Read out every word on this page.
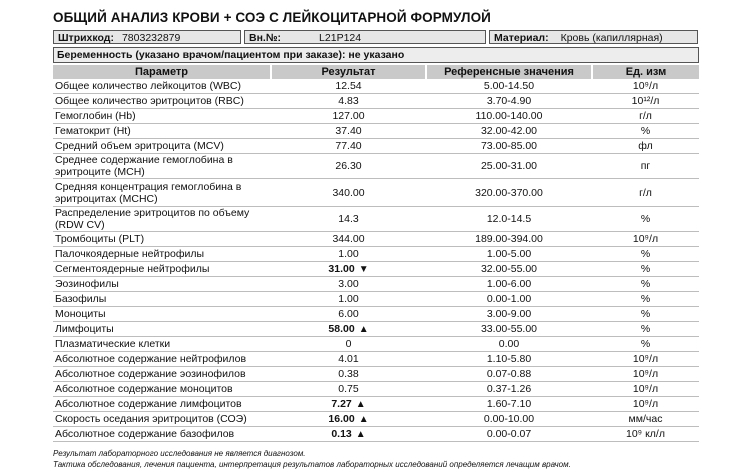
ОБЩИЙ АНАЛИЗ КРОВИ + СОЭ С ЛЕЙКОЦИТАРНОЙ ФОРМУЛОЙ
Штрихкод: 7803232879	Вн.№:	L21P124	Материал:	Кровь (капиллярная)
Беременность (указано врачом/пациентом при заказе): не указано
Параметр	Результат	Референсные значения	Ед. изм
Общее количество лейкоцитов (WBC)	12.54	5.00-14.50	10⁹/л
Общее количество эритроцитов (RBC)	4.83	3.70-4.90	10¹²/л
Гемоглобин (Hb)	127.00	110.00-140.00	г/л
Гематокрит (Ht)	37.40	32.00-42.00	%
Средний объем эритроцита (MCV)	77.40	73.00-85.00	фл
Среднее содержание гемоглобина в эритроците (MCH)	26.30	25.00-31.00	пг
Средняя концентрация гемоглобина в эритроцитах (MCHC)	340.00	320.00-370.00	г/л
Распределение эритроцитов по объему (RDW CV)	14.3	12.0-14.5	%
Тромбоциты (PLT)	344.00	189.00-394.00	10⁹/л
Палочкоядерные нейтрофилы	1.00	1.00-5.00	%
Сегментоядерные нейтрофилы	31.00 ▼	32.00-55.00	%
Эозинофилы	3.00	1.00-6.00	%
Базофилы	1.00	0.00-1.00	%
Моноциты	6.00	3.00-9.00	%
Лимфоциты	58.00 ▲	33.00-55.00	%
Плазматические клетки	0	0.00	%
Абсолютное содержание нейтрофилов	4.01	1.10-5.80	10⁹/л
Абсолютное содержание эозинофилов	0.38	0.07-0.88	10⁹/л
Абсолютное содержание моноцитов	0.75	0.37-1.26	10⁹/л
Абсолютное содержание лимфоцитов	7.27 ▲	1.60-7.10	10⁹/л
Скорость оседания эритроцитов (СОЭ)	16.00 ▲	0.00-10.00	мм/час
Абсолютное содержание базофилов	0.13 ▲	0.00-0.07	10⁹ кл/л
Результат лабораторного исследования не является диагнозом.
Тактика обследования, лечения пациента, интерпретация результатов лабораторных исследований определяется лечащим врачом.
